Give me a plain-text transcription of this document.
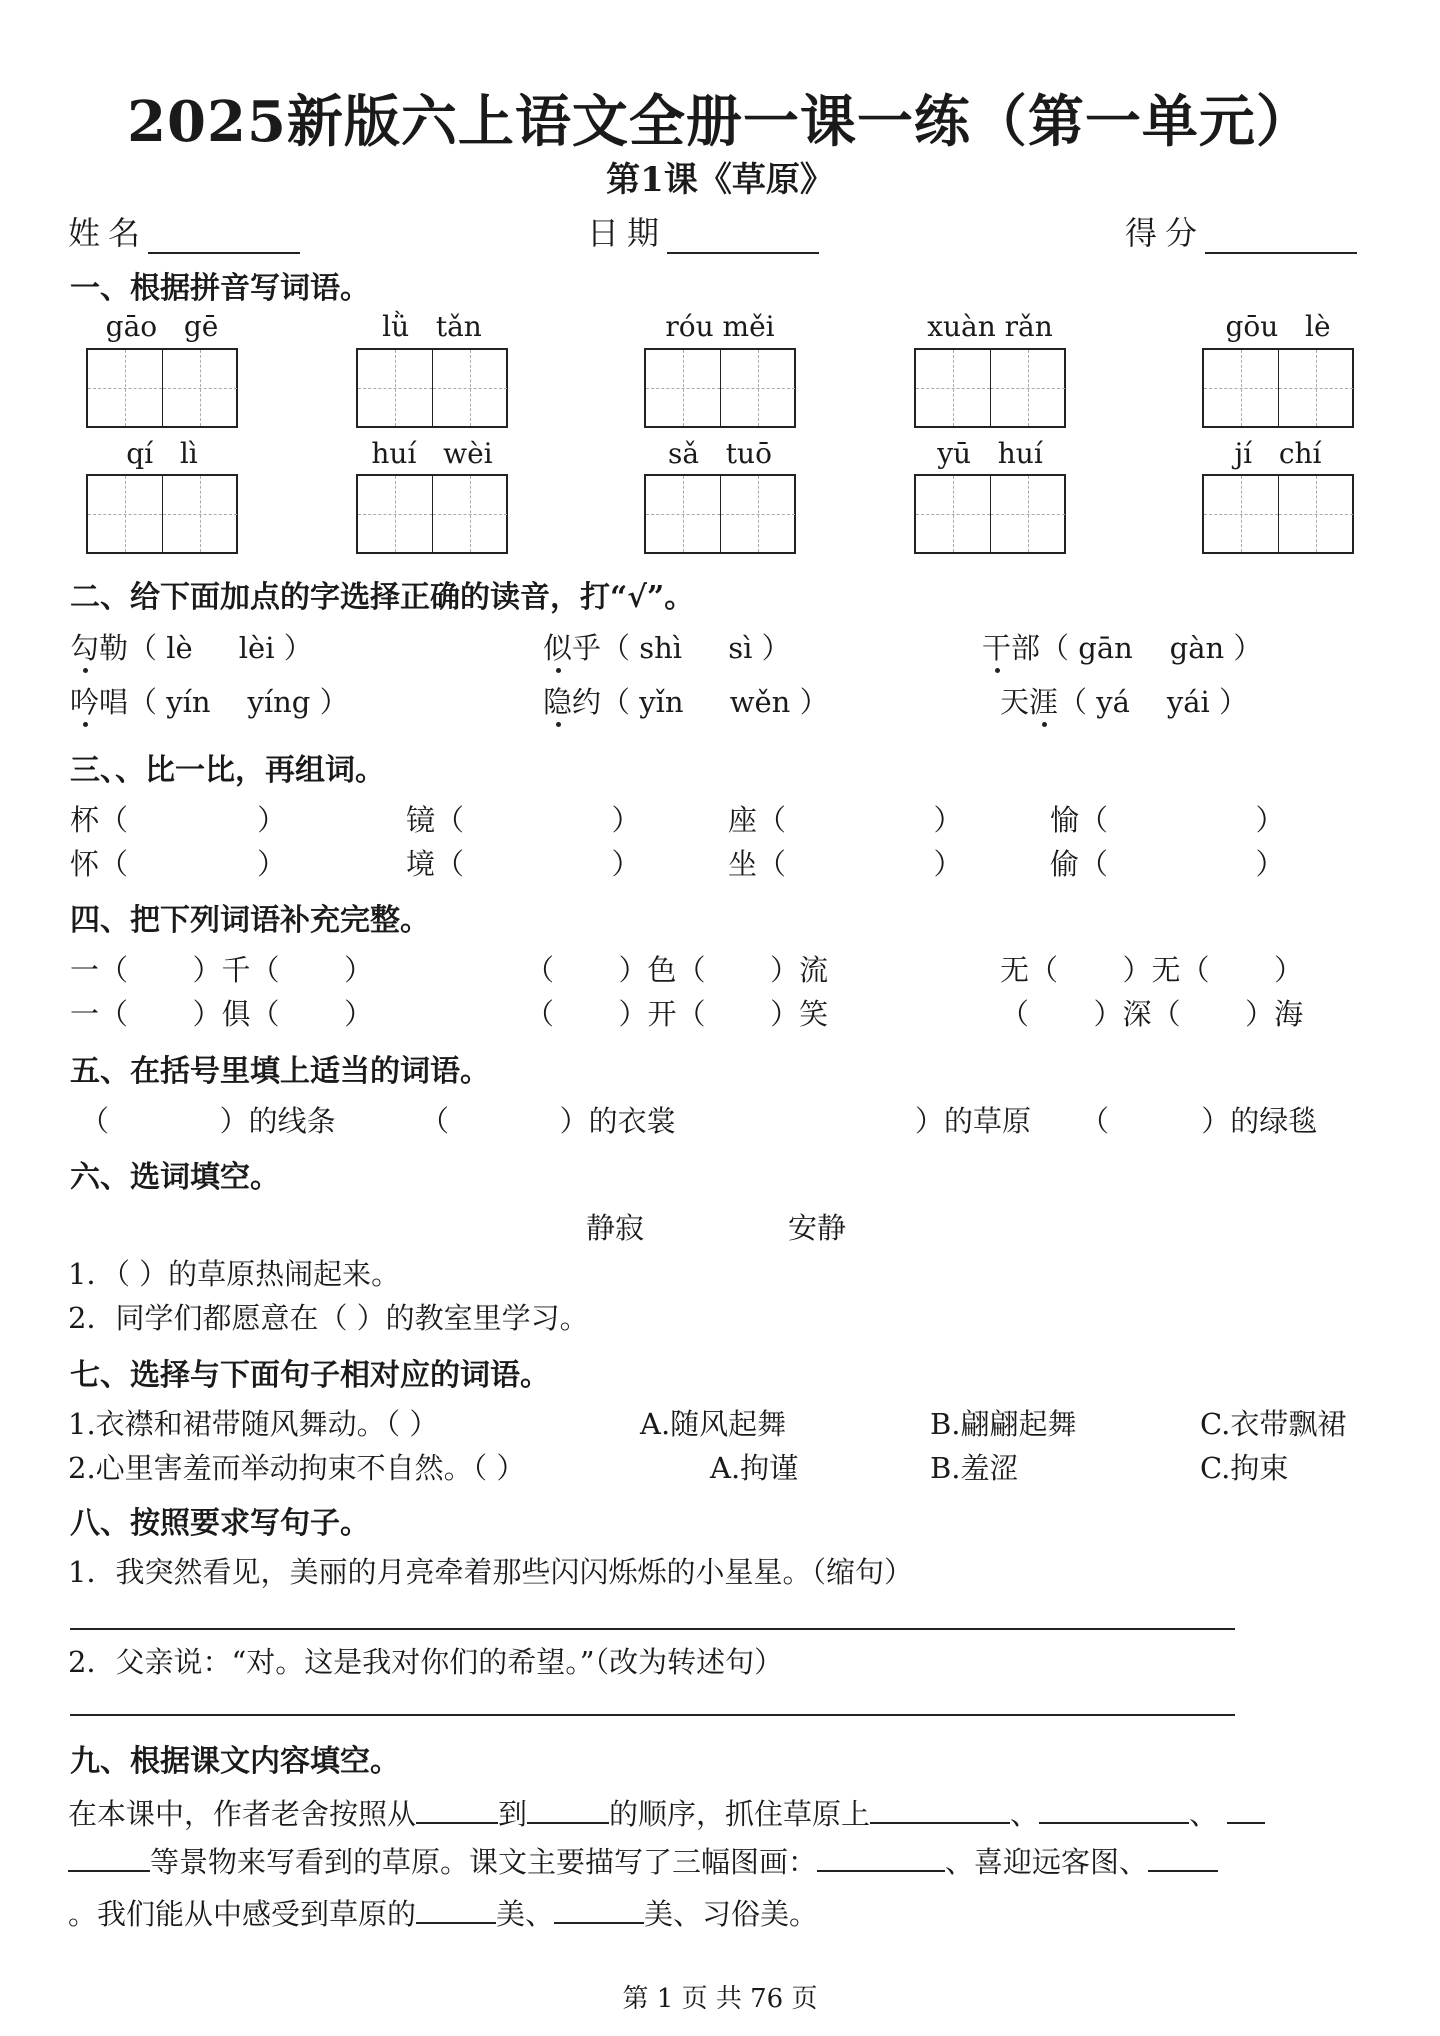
2025新版六上语文全册一课一练（第一单元）
第1课《草原》
姓名	日期	得分
一、根据拼音写词语。
gāo gē	lǜ tǎn	róu měi	xuàn rǎn	gōu lè
qí lì	huí wèi	sǎ tuō	yū huí	jí chí
二、给下面加点的字选择正确的读音，打“√”。
勾勒（ lè lèi ）	似乎（ shì sì ）	干部（ gān gàn ）
吟唱（ yín yíng ）	隐约（ yǐn wěn ）	天涯（ yá yái ）
三、、比一比，再组词。
杯（              ）	镜（                ）	座（                ）	愉（                ）
怀（              ）	境（                ）	坐（                ）	偷（                ）
四、把下列词语补充完整。
一（ ）千（ ）	（ ）色（ ）流	无（ ）无（ ）
一（ ）俱（ ）	（ ）开（ ）笑	（ ）深（ ）海
五、在括号里填上适当的词语。
（	）的线条	（	）的衣裳	）的草原 （	）的绿毯
六、选词填空。
静寂	安静
1．（ ）的草原热闹起来。
2．同学们都愿意在（ ）的教室里学习。
七、选择与下面句子相对应的词语。
1.衣襟和裙带随风舞动。（ ）	A.随风起舞	B.翩翩起舞	C.衣带飘裙
2.心里害羞而举动拘束不自然。（ ）	A.拘谨	B.羞涩	C.拘束
八、按照要求写句子。
1．我突然看见，美丽的月亮牵着那些闪闪烁烁的小星星。（缩句）
2．父亲说：“对。这是我对你们的希望。”（改为转述句）
九、根据课文内容填空。
在本课中，作者老舍按照从	到	的顺序，抓住草原上	、	、
等景物来写看到的草原。课文主要描写了三幅图画：	、喜迎远客图、
。我们能从中感受到草原的	美、	美、习俗美。
第 1 页 共 76 页
